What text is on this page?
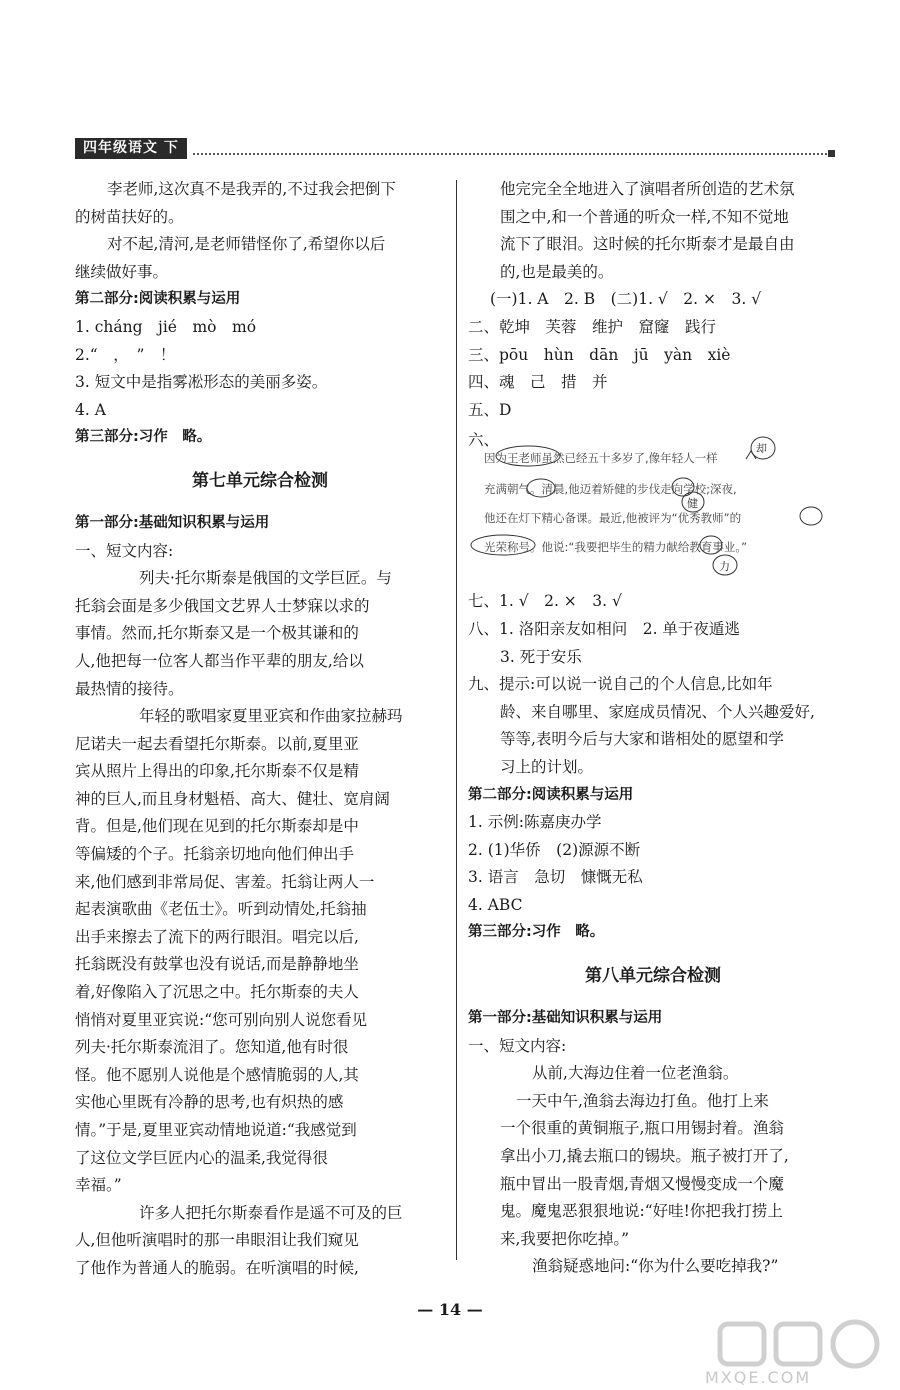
四年级语文 下
李老师,这次真不是我弄的,不过我会把倒下
的树苗扶好的。
对不起,清河,是老师错怪你了,希望你以后
继续做好事。
第二部分:阅读积累与运用
1. cháng　jié　mò　mó
2.“　，　”　！
3. 短文中是指雾凇形态的美丽多姿。
4. A
第三部分:习作　略。
第七单元综合检测
第一部分:基础知识积累与运用
一、短文内容:
列夫·托尔斯泰是俄国的文学巨匠。与
托翁会面是多少俄国文艺界人士梦寐以求的
事情。然而,托尔斯泰又是一个极其谦和的
人,他把每一位客人都当作平辈的朋友,给以
最热情的接待。
年轻的歌唱家夏里亚宾和作曲家拉赫玛
尼诺夫一起去看望托尔斯泰。以前,夏里亚
宾从照片上得出的印象,托尔斯泰不仅是精
神的巨人,而且身材魁梧、高大、健壮、宽肩阔
背。但是,他们现在见到的托尔斯泰却是中
等偏矮的个子。托翁亲切地向他们伸出手
来,他们感到非常局促、害羞。托翁让两人一
起表演歌曲《老伍士》。听到动情处,托翁抽
出手来擦去了流下的两行眼泪。唱完以后,
托翁既没有鼓掌也没有说话,而是静静地坐
着,好像陷入了沉思之中。托尔斯泰的夫人
悄悄对夏里亚宾说:“您可别向别人说您看见
列夫·托尔斯泰流泪了。您知道,他有时很
怪。他不愿别人说他是个感情脆弱的人,其
实他心里既有冷静的思考,也有炽热的感
情。”于是,夏里亚宾动情地说道:“我感觉到
了这位文学巨匠内心的温柔,我觉得很
幸福。”
许多人把托尔斯泰看作是遥不可及的巨
人,但他听演唱时的那一串眼泪让我们窥见
了他作为普通人的脆弱。在听演唱的时候,
他完完全全地进入了演唱者所创造的艺术氛
围之中,和一个普通的听众一样,不知不觉地
流下了眼泪。这时候的托尔斯泰才是最自由
的,也是最美的。
(一)1. A　2. B　(二)1. √　2. ×　3. √
二、乾坤　芙蓉　维护　窟窿　践行
三、pōu　hùn　dān　jū　yàn　xiè
四、魂　己　措　并
五、D
六、
因为王老师虽然已经五十多岁了,像年轻人一样
充满朝气。清晨,他迈着矫健的步伐走向学校;深夜,
他还在灯下精心备课。最近,他被评为“优秀教师”的
光荣称号。他说:“我要把毕生的精力献给教育事业。”
却
健
力
七、1. √　2. ×　3. √
八、1. 洛阳亲友如相问　2. 单于夜遁逃
3. 死于安乐
九、提示:可以说一说自己的个人信息,比如年
龄、来自哪里、家庭成员情况、个人兴趣爱好,
等等,表明今后与大家和谐相处的愿望和学
习上的计划。
第二部分:阅读积累与运用
1. 示例:陈嘉庚办学
2. (1)华侨　(2)源源不断
3. 语言　急切　慷慨无私
4. ABC
第三部分:习作　略。
第八单元综合检测
第一部分:基础知识积累与运用
一、短文内容:
从前,大海边住着一位老渔翁。
一天中午,渔翁去海边打鱼。他打上来
一个很重的黄铜瓶子,瓶口用锡封着。渔翁
拿出小刀,撬去瓶口的锡块。瓶子被打开了,
瓶中冒出一股青烟,青烟又慢慢变成一个魔
鬼。魔鬼恶狠狠地说:“好哇!你把我打捞上
来,我要把你吃掉。”
渔翁疑惑地问:“你为什么要吃掉我?”
— 14 —
MXQE.COM
